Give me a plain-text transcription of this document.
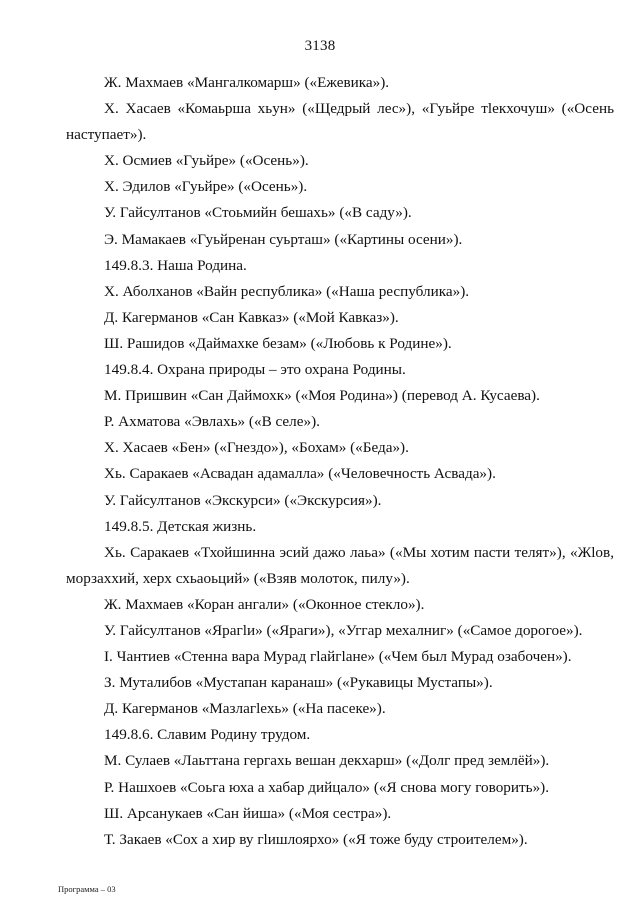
3138

Ж. Махмаев «Мангалкомарш» («Ежевика»).

Х. Хасаев «Комаьрша хьун» («Щедрый лес»), «Гуьйре тlекхочуш» («Осень

наступает»).

Х. Осмиев «Гуьйре» («Осень»).

Х. Эдилов «Гуьйре» («Осень»).

У. Гайсултанов «Стоьмийн бешахь» («В саду»).

Э. Мамакаев «Гуьйренан суьрташ» («Картины осени»).

149.8.3. Наша Родина.

Х. Аболханов «Вайн республика» («Наша республика»).

Д. Кагерманов «Сан Кавказ» («Мой Кавказ»).

Ш. Рашидов «Даймахке безам» («Любовь к Родине»).

149.8.4. Охрана природы – это охрана Родины.

М. Пришвин «Сан Даймохк» («Моя Родина») (перевод А. Кусаева).

Р. Ахматова «Эвлахь» («В селе»).

Х. Хасаев «Бен» («Гнездо»), «Бохам» («Беда»).

Хь. Саракаев «Асвадан адамалла» («Человечность Асвада»).

У. Гайсултанов «Экскурси» («Экскурсия»).

149.8.5. Детская жизнь.

Хь. Саракаев «Тхойшинна эсий дажо лаьа» («Мы хотим пасти телят»), «Жlов,

морзаххий, херх схьаоьций» («Взяв молоток, пилу»).

Ж. Махмаев «Коран ангали» («Оконное стекло»).

У. Гайсултанов «Ярагlи» («Яраги»), «Уггар мехалниг» («Самое дорогое»).

I. Чантиев «Стенна вара Мурад гlайгlане» («Чем был Мурад озабочен»).

З. Муталибов «Мустапан каранаш» («Рукавицы Мустапы»).

Д. Кагерманов «Мазлагlехь» («На пасеке»).

149.8.6. Славим Родину трудом.

М. Сулаев «Лаьттана гергахь вешан декхарш» («Долг пред землёй»).

Р. Нашхоев «Соьга юха а хабар дийцало» («Я снова могу говорить»).

Ш. Арсанукаев «Сан йиша» («Моя сестра»).

Т. Закаев «Сох а хир ву гlишлоярхо» («Я тоже буду строителем»).

Программа – 03
